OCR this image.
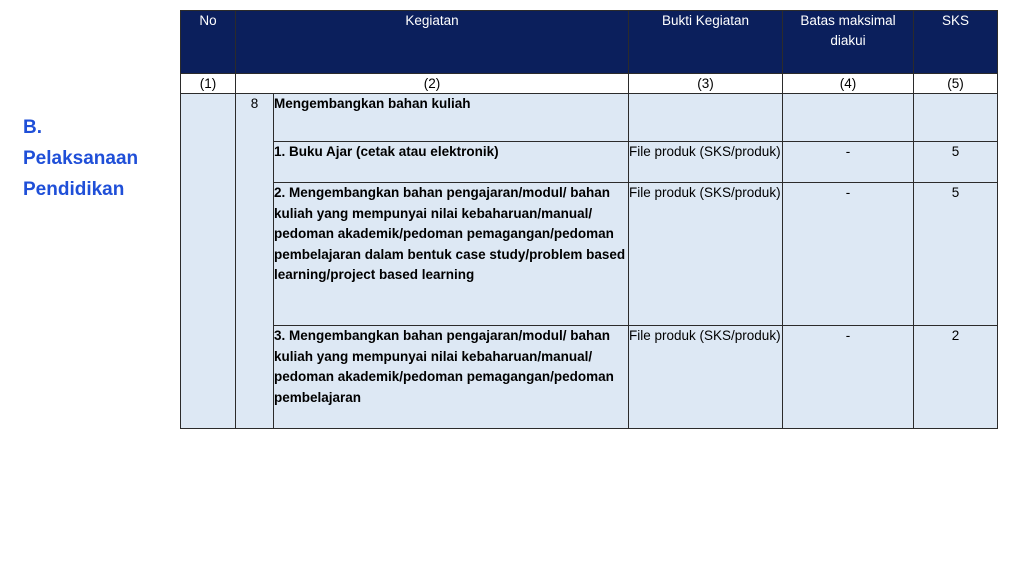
B.
Pelaksanaan
Pendidikan
No	Kegiatan		Bukti Kegiatan	Batas maksimal diakui	SKS
(1)	(2)		(3)	(4)	(5)
	8	Mengembangkan bahan kuliah			
		1. Buku Ajar (cetak atau elektronik)	File produk (SKS/produk)	-	5
		2. Mengembangkan bahan pengajaran/modul/ bahan kuliah yang mempunyai nilai kebaharuan/manual/ pedoman akademik/pedoman pemagangan/pedoman pembelajaran dalam bentuk case study/problem based learning/project based learning	File produk (SKS/produk)	-	5
		3. Mengembangkan bahan pengajaran/modul/ bahan kuliah yang mempunyai nilai kebaharuan/manual/ pedoman akademik/pedoman pemagangan/pedoman pembelajaran	File produk (SKS/produk)	-	2
